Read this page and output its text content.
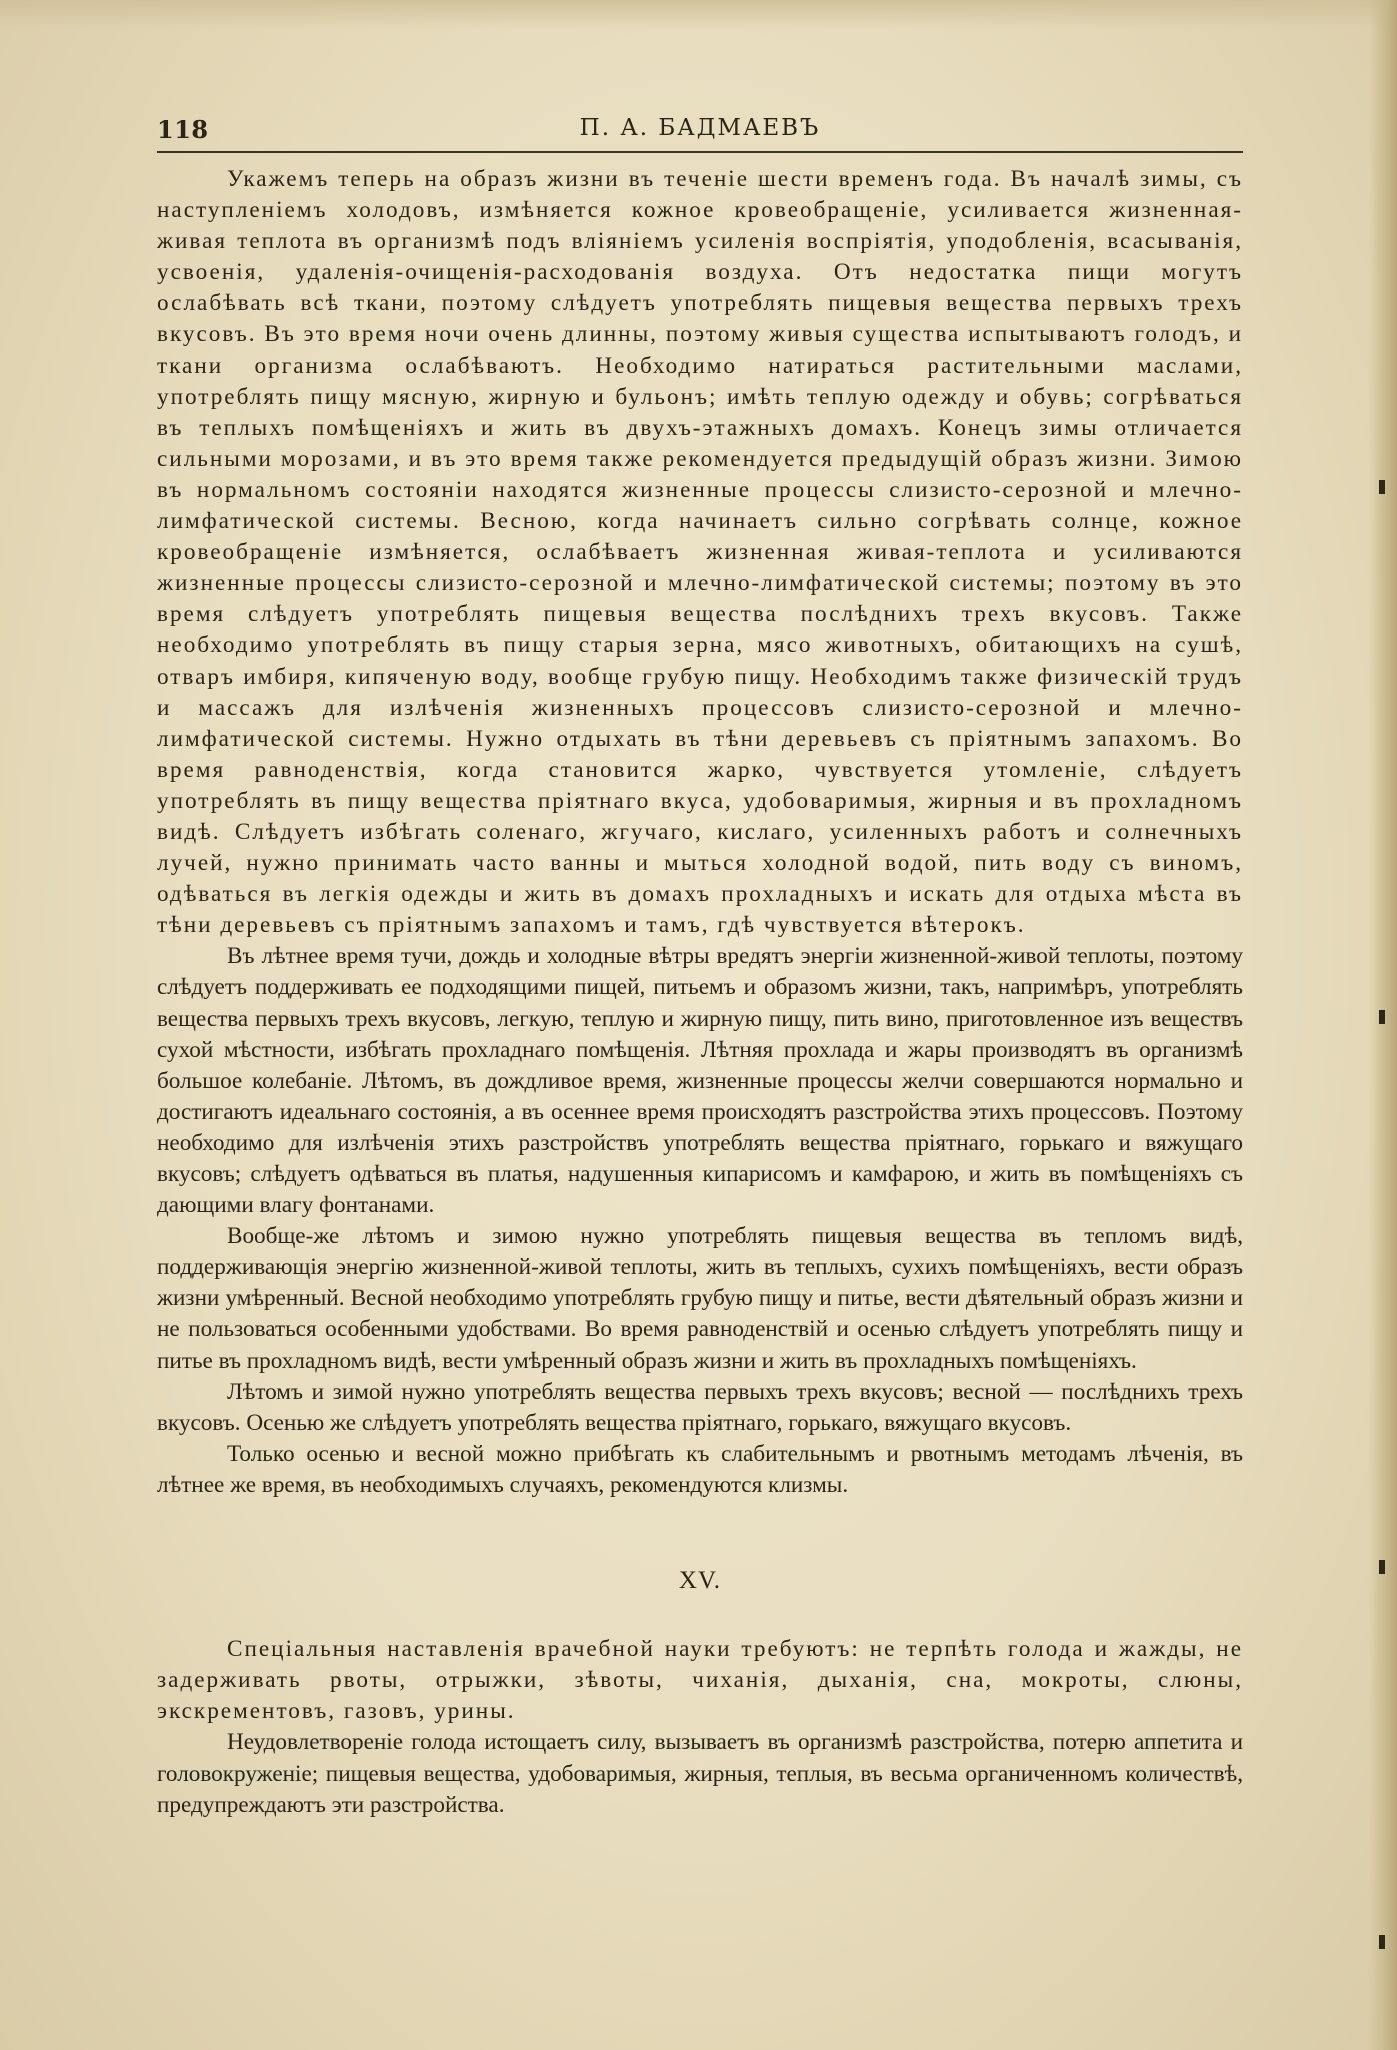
118	П. А. БАДМАЕВЪ

Укажемъ теперь на образъ жизни въ теченіе шести временъ года. Въ началѣ зимы, съ наступленіемъ холодовъ, измѣняется кожное кровеобращеніе, усиливается жизненная-живая теплота въ организмѣ подъ вліяніемъ усиленія воспріятія, уподобленія, всасыванія, усвоенія, удаленія-очищенія-расходованія воздуха. Отъ недостатка пищи могутъ ослабѣвать всѣ ткани, поэтому слѣдуетъ употреблять пищевыя вещества первыхъ трехъ вкусовъ. Въ это время ночи очень длинны, поэтому живыя существа испытываютъ голодъ, и ткани организма ослабѣваютъ. Необходимо натираться растительными маслами, употреблять пищу мясную, жирную и бульонъ; имѣть теплую одежду и обувь; согрѣваться въ теплыхъ помѣщеніяхъ и жить въ двухъ-этажныхъ домахъ. Конецъ зимы отличается сильными морозами, и въ это время также рекомендуется предыдущій образъ жизни. Зимою въ нормальномъ состояніи находятся жизненные процессы слизисто-серозной и млечно-лимфатической системы. Весною, когда начинаетъ сильно согрѣвать солнце, кожное кровеобращеніе измѣняется, ослабѣваетъ жизненная живая-теплота и усиливаются жизненные процессы слизисто-серозной и млечно-лимфатической системы; поэтому въ это время слѣдуетъ употреблять пищевыя вещества послѣднихъ трехъ вкусовъ. Также необходимо употреблять въ пищу старыя зерна, мясо животныхъ, обитающихъ на сушѣ, отваръ имбиря, кипяченую воду, вообще грубую пищу. Необходимъ также физическій трудъ и массажъ для излѣченія жизненныхъ процессовъ слизисто-серозной и млечно-лимфатической системы. Нужно отдыхать въ тѣни деревьевъ съ пріятнымъ запахомъ. Во время равноденствія, когда становится жарко, чувствуется утомленіе, слѣдуетъ употреблять въ пищу вещества пріятнаго вкуса, удобоваримыя, жирныя и въ прохладномъ видѣ. Слѣдуетъ избѣгать соленаго, жгучаго, кислаго, усиленныхъ работъ и солнечныхъ лучей, нужно принимать часто ванны и мыться холодной водой, пить воду съ виномъ, одѣваться въ легкія одежды и жить въ домахъ прохладныхъ и искать для отдыха мѣста въ тѣни деревьевъ съ пріятнымъ запахомъ и тамъ, гдѣ чувствуется вѣтерокъ.

Въ лѣтнее время тучи, дождь и холодные вѣтры вредятъ энергіи жизненной-живой теплоты, поэтому слѣдуетъ поддерживать ее подходящими пищей, питьемъ и образомъ жизни, такъ, напримѣръ, употреблять вещества первыхъ трехъ вкусовъ, легкую, теплую и жирную пищу, пить вино, приготовленное изъ веществъ сухой мѣстности, избѣгать прохладнаго помѣщенія. Лѣтняя прохлада и жары производятъ въ организмѣ большое колебаніе. Лѣтомъ, въ дождливое время, жизненные процессы желчи совершаются нормально и достигаютъ идеальнаго состоянія, а въ осеннее время происходятъ разстройства этихъ процессовъ. Поэтому необходимо для излѣченія этихъ разстройствъ употреблять вещества пріятнаго, горькаго и вяжущаго вкусовъ; слѣдуетъ одѣваться въ платья, надушенныя кипарисомъ и камфарою, и жить въ помѣщеніяхъ съ дающими влагу фонтанами.

Вообще-же лѣтомъ и зимою нужно употреблять пищевыя вещества въ тепломъ видѣ, поддерживающія энергію жизненной-живой теплоты, жить въ теплыхъ, сухихъ помѣщеніяхъ, вести образъ жизни умѣренный. Весной необходимо употреблять грубую пищу и питье, вести дѣятельный образъ жизни и не пользоваться особенными удобствами. Во время равноденствій и осенью слѣдуетъ употреблять пищу и питье въ прохладномъ видѣ, вести умѣренный образъ жизни и жить въ прохладныхъ помѣщеніяхъ.

Лѣтомъ и зимой нужно употреблять вещества первыхъ трехъ вкусовъ; весной — послѣднихъ трехъ вкусовъ. Осенью же слѣдуетъ употреблять вещества пріятнаго, горькаго, вяжущаго вкусовъ.

Только осенью и весной можно прибѣгать къ слабительнымъ и рвотнымъ методамъ лѣченія, въ лѣтнее же время, въ необходимыхъ случаяхъ, рекомендуются клизмы.

XV.

Спеціальныя наставленія врачебной науки требуютъ: не терпѣть голода и жажды, не задерживать рвоты, отрыжки, зѣвоты, чиханія, дыханія, сна, мокроты, слюны, экскрементовъ, газовъ, урины.

Неудовлетвореніе голода истощаетъ силу, вызываетъ въ организмѣ разстройства, потерю аппетита и головокруженіе; пищевыя вещества, удобоваримыя, жирныя, теплыя, въ весьма органиченномъ количествѣ, предупреждаютъ эти разстройства.
